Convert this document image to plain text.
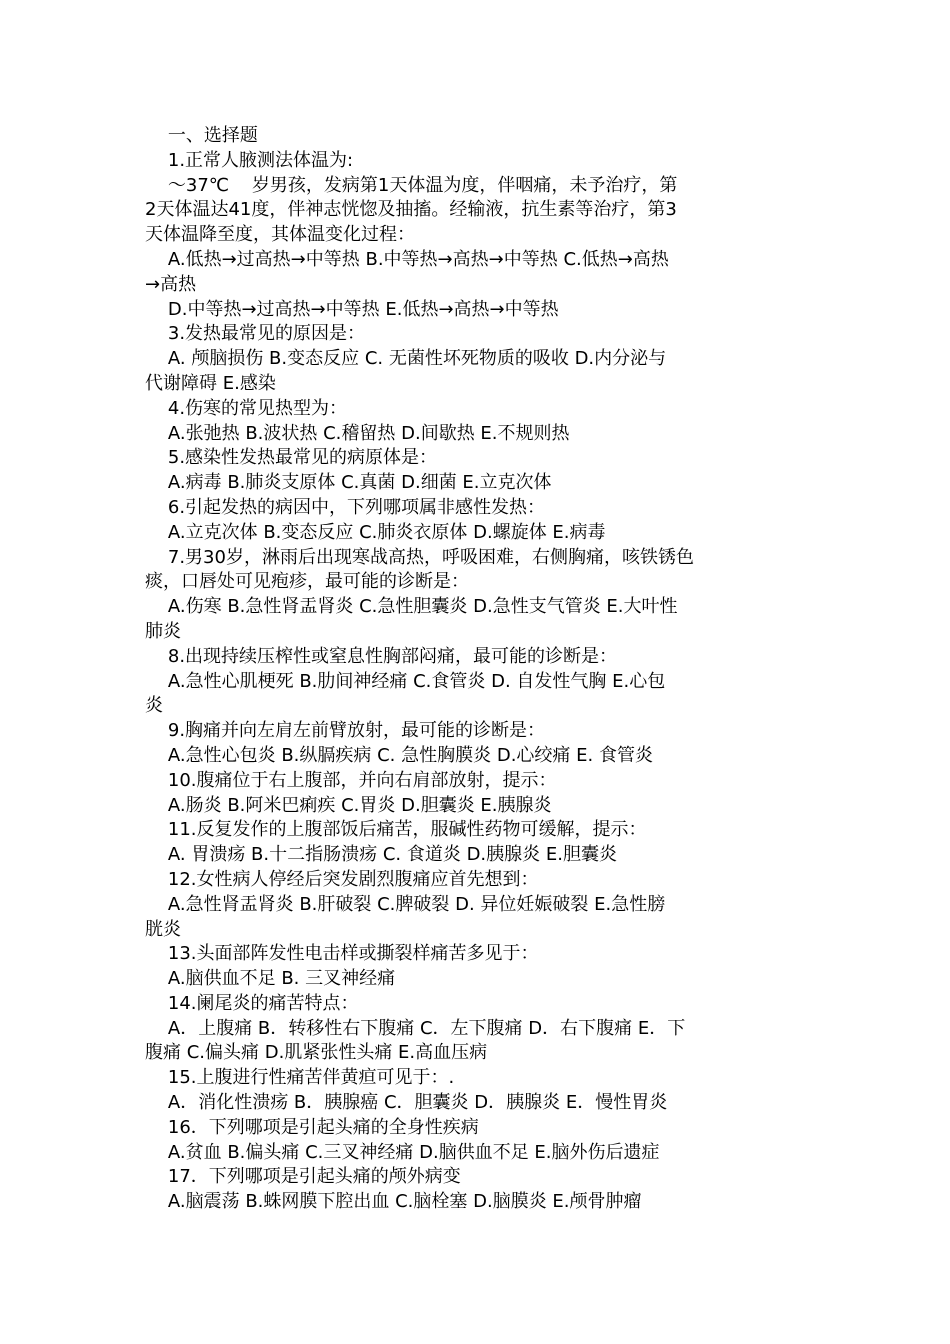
一、选择题
1.正常人腋测法体温为:
～37℃    岁男孩，发病第1天体温为度，伴咽痛，未予治疗，第
2天体温达41度，伴神志恍惚及抽搐。经输液，抗生素等治疗，第3
天体温降至度，其体温变化过程：
A.低热→过高热→中等热 B.中等热→高热→中等热 C.低热→高热
→高热
D.中等热→过高热→中等热 E.低热→高热→中等热
3.发热最常见的原因是：
A. 颅脑损伤 B.变态反应 C. 无菌性坏死物质的吸收 D.内分泌与
代谢障碍 E.感染
4.伤寒的常见热型为：
A.张弛热 B.波状热 C.稽留热 D.间歇热 E.不规则热
5.感染性发热最常见的病原体是：
A.病毒 B.肺炎支原体 C.真菌 D.细菌 E.立克次体
6.引起发热的病因中，下列哪项属非感性发热：
A.立克次体 B.变态反应 C.肺炎衣原体 D.螺旋体 E.病毒
7.男30岁，淋雨后出现寒战高热，呼吸困难，右侧胸痛，咳铁锈色
痰，口唇处可见疱疹，最可能的诊断是：
A.伤寒 B.急性肾盂肾炎 C.急性胆囊炎 D.急性支气管炎 E.大叶性
肺炎
8.出现持续压榨性或窒息性胸部闷痛，最可能的诊断是：
A.急性心肌梗死 B.肋间神经痛 C.食管炎 D. 自发性气胸 E.心包
炎
9.胸痛并向左肩左前臂放射，最可能的诊断是：
A.急性心包炎 B.纵膈疾病 C. 急性胸膜炎 D.心绞痛 E. 食管炎
10.腹痛位于右上腹部，并向右肩部放射，提示：
A.肠炎 B.阿米巴痢疾 C.胃炎 D.胆囊炎 E.胰腺炎
11.反复发作的上腹部饭后痛苦，服碱性药物可缓解，提示：
A. 胃溃疡 B.十二指肠溃疡 C. 食道炎 D.胰腺炎 E.胆囊炎
12.女性病人停经后突发剧烈腹痛应首先想到：
A.急性肾盂肾炎 B.肝破裂 C.脾破裂 D. 异位妊娠破裂 E.急性膀
胱炎
13.头面部阵发性电击样或撕裂样痛苦多见于：
A.脑供血不足 B. 三叉神经痛
14.阑尾炎的痛苦特点：
A．上腹痛 B．转移性右下腹痛 C．左下腹痛 D．右下腹痛 E．下
腹痛 C.偏头痛 D.肌紧张性头痛 E.高血压病
15.上腹进行性痛苦伴黄疸可见于：.
A．消化性溃疡 B．胰腺癌 C．胆囊炎 D．胰腺炎 E．慢性胃炎
16．下列哪项是引起头痛的全身性疾病
A.贫血 B.偏头痛 C.三叉神经痛 D.脑供血不足 E.脑外伤后遗症
17．下列哪项是引起头痛的颅外病变
A.脑震荡 B.蛛网膜下腔出血 C.脑栓塞 D.脑膜炎 E.颅骨肿瘤
